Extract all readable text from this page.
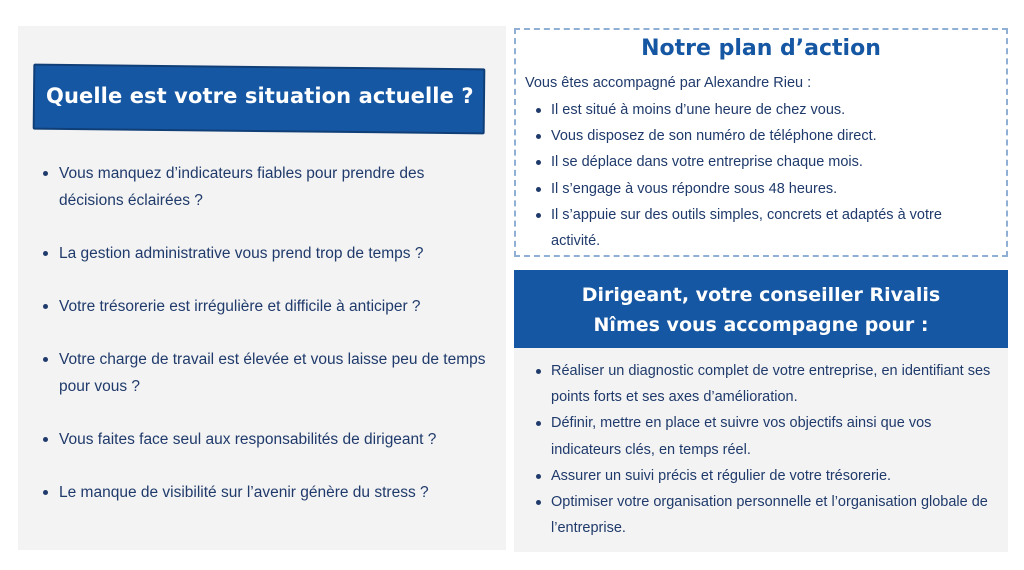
Quelle est votre situation actuelle ?
Vous manquez d’indicateurs fiables pour prendre des décisions éclairées ?
La gestion administrative vous prend trop de temps ?
Votre trésorerie est irrégulière et difficile à anticiper ?
Votre charge de travail est élevée et vous laisse peu de temps pour vous ?
Vous faites face seul aux responsabilités de dirigeant ?
Le manque de visibilité sur l’avenir génère du stress ?
Notre plan d’action
Vous êtes accompagné par Alexandre Rieu :
Il est situé à moins d’une heure de chez vous.
Vous disposez de son numéro de téléphone direct.
Il se déplace dans votre entreprise chaque mois.
Il s’engage à vous répondre sous 48 heures.
Il s’appuie sur des outils simples, concrets et adaptés à votre activité.
Dirigeant, votre conseiller Rivalis
Nîmes vous accompagne pour :
Réaliser un diagnostic complet de votre entreprise, en identifiant ses points forts et ses axes d’amélioration.
Définir, mettre en place et suivre vos objectifs ainsi que vos indicateurs clés, en temps réel.
Assurer un suivi précis et régulier de votre trésorerie.
Optimiser votre organisation personnelle et l’organisation globale de l’entreprise.
